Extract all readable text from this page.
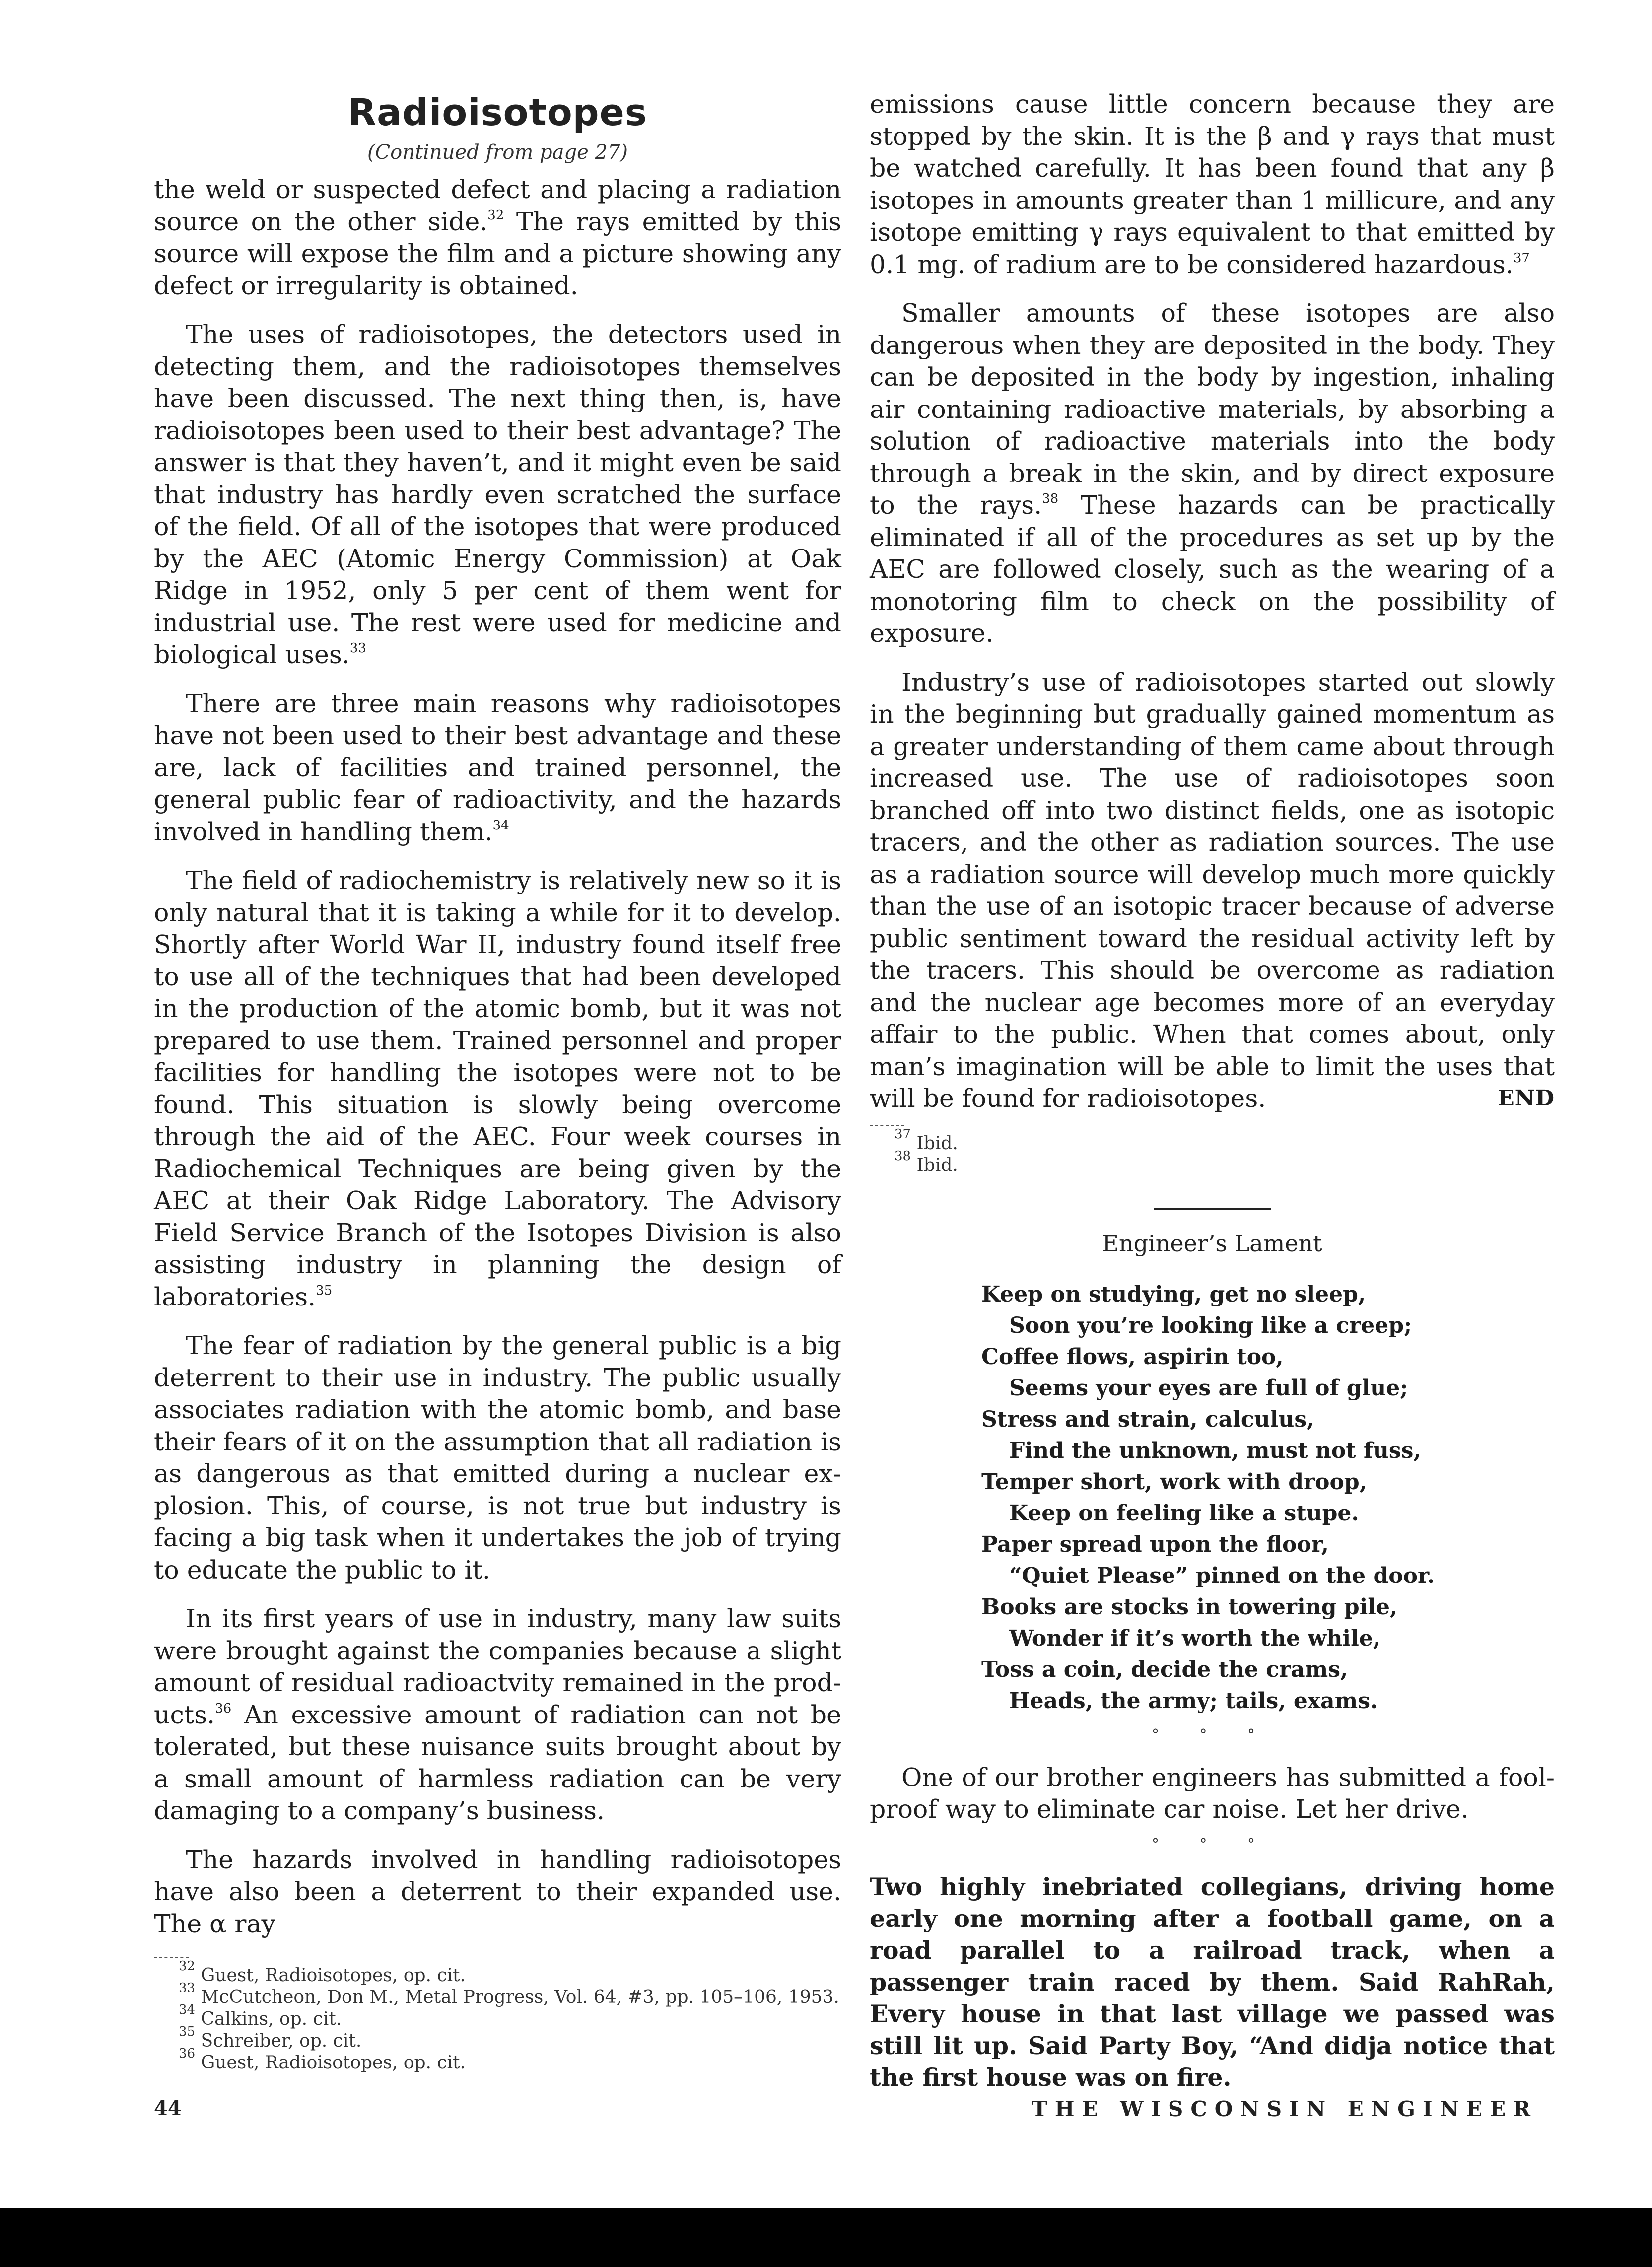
Radioisotopes
(Continued from page 27)

the weld or suspected defect and placing a radiation source on the other side.$^{32}$ The rays emitted by this source will expose the film and a picture showing any defect or irregularity is obtained.

The uses of radioisotopes, the detectors used in detecting them, and the radioisotopes themselves have been discussed. The next thing then, is, have radioisotopes been used to their best advantage? The answer is that they haven’t, and it might even be said that industry has hardly even scratched the surface of the field. Of all of the isotopes that were produced by the AEC (Atomic Energy Commission) at Oak Ridge in 1952, only 5 per cent of them went for industrial use. The rest were used for medicine and biological uses.$^{33}$

There are three main reasons why radioisotopes have not been used to their best advantage and these are, lack of facilities and trained personnel, the general public fear of radioactivity, and the hazards involved in handling them.$^{34}$

The field of radiochemistry is relatively new so it is only natural that it is taking a while for it to develop. Shortly after World War II, industry found itself free to use all of the techniques that had been developed in the production of the atomic bomb, but it was not prepared to use them. Trained personnel and proper facilities for handling the isotopes were not to be found. This situation is slowly being overcome through the aid of the AEC. Four week courses in Radiochemical Techniques are being given by the AEC at their Oak Ridge Laboratory. The Advisory Field Service Branch of the Isotopes Division is also assisting industry in planning the design of laboratories.$^{35}$

The fear of radiation by the general public is a big deterrent to their use in industry. The public usually associates radiation with the atomic bomb, and base their fears of it on the assumption that all radiation is as dangerous as that emitted during a nuclear explosion. This, of course, is not true but industry is facing a big task when it undertakes the job of trying to educate the public to it.

In its first years of use in industry, many law suits were brought against the companies because a slight amount of residual radioactvity remained in the products.$^{36}$ An excessive amount of radiation can not be tolerated, but these nuisance suits brought about by a small amount of harmless radiation can be very damaging to a company’s business.

The hazards involved in handling radioisotopes have also been a deterrent to their expanded use. The α ray

$^{32}$ Guest, Radioisotopes, op. cit.

$^{33}$ McCutcheon, Don M., Metal Progress, Vol. 64, #3, pp. 105–106, 1953.

$^{34}$ Calkins, op. cit.

$^{35}$ Schreiber, op. cit.

$^{36}$ Guest, Radioisotopes, op. cit.

emissions cause little concern because they are stopped by the skin. It is the β and γ rays that must be watched carefully. It has been found that any β isotopes in amounts greater than 1 millicure, and any isotope emitting γ rays equivalent to that emitted by 0.1 mg. of radium are to be considered hazardous.$^{37}$

Smaller amounts of these isotopes are also dangerous when they are deposited in the body. They can be deposited in the body by ingestion, inhaling air containing radioactive materials, by absorbing a solution of radioactive materials into the body through a break in the skin, and by direct exposure to the rays.$^{38}$ These hazards can be practically eliminated if all of the procedures as set up by the AEC are followed closely, such as the wearing of a monotoring film to check on the possibility of exposure.

Industry’s use of radioisotopes started out slowly in the beginning but gradually gained momentum as a greater understanding of them came about through increased use. The use of radioisotopes soon branched off into two distinct fields, one as isotopic tracers, and the other as radiation sources. The use as a radiation source will develop much more quickly than the use of an isotopic tracer because of adverse public sentiment toward the residual activity left by the tracers. This should be overcome as radiation and the nuclear age becomes more of an everyday affair to the public. When that comes about, only man’s imagination will be able to limit the uses that will be found for radioisotopes.	END

$^{37}$ Ibid.

$^{38}$ Ibid.

Engineer’s Lament
Keep on studying, get no sleep,
Soon you’re looking like a creep;
Coffee flows, aspirin too,
Seems your eyes are full of glue;
Stress and strain, calculus,
Find the unknown, must not fuss,
Temper short, work with droop,
Keep on feeling like a stupe.
Paper spread upon the floor,
“Quiet Please” pinned on the door.
Books are stocks in towering pile,
Wonder if it’s worth the while,
Toss a coin, decide the crams,
Heads, the army; tails, exams.
° ° °

One of our brother engineers has submitted a foolproof way to eliminate car noise. Let her drive.

° ° °

Two highly inebriated collegians, driving home early one morning after a football game, on a road parallel to a railroad track, when a passenger train raced by them. Said RahRah, Every house in that last village we passed was still lit up. Said Party Boy, “And didja notice that the first house was on fire.

44	THE WISCONSIN ENGINEER
